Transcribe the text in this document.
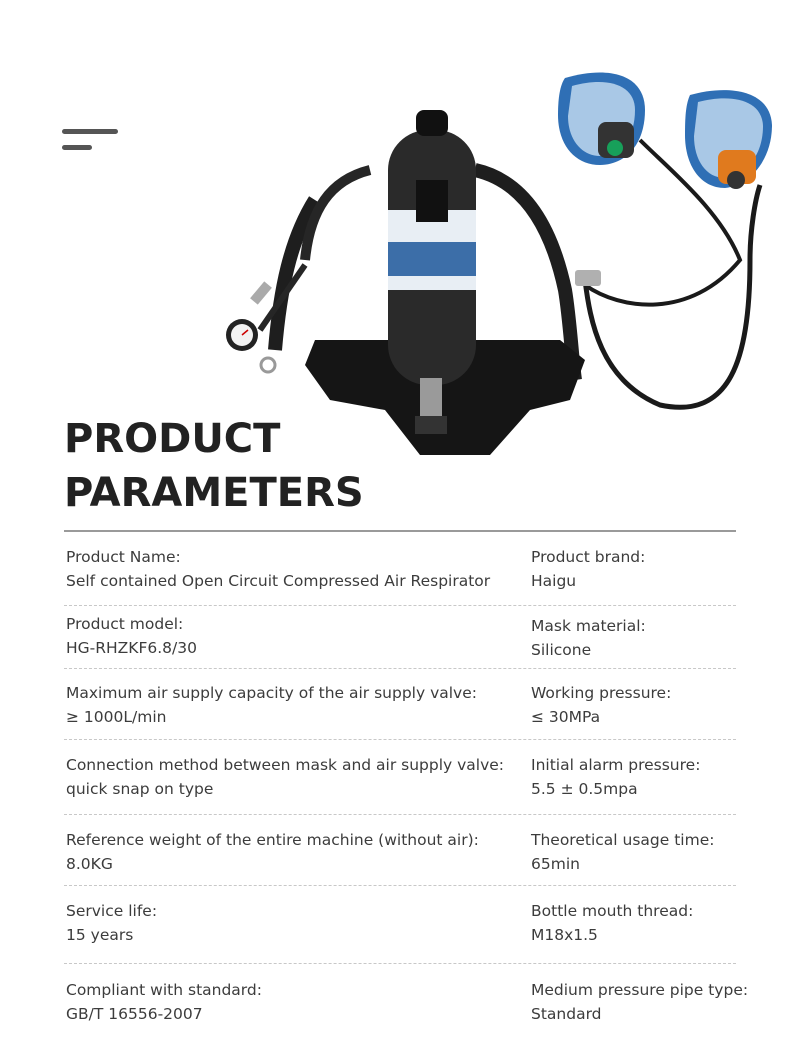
PRODUCT
PARAMETERS
Product Name:
Self contained Open Circuit Compressed Air Respirator
Product brand:
Haigu
Product model:
HG-RHZKF6.8/30
Mask material:
Silicone
Maximum air supply capacity of the air supply valve:
≥ 1000L/min
Working pressure:
≤ 30MPa
Connection method between mask and air supply valve:
quick snap on type
Initial alarm pressure:
5.5 ± 0.5mpa
Reference weight of the entire machine (without air):
8.0KG
Theoretical usage time:
65min
Service life:
15 years
Bottle mouth thread:
M18x1.5
Compliant with standard:
GB/T 16556-2007
Medium pressure pipe type:
Standard
